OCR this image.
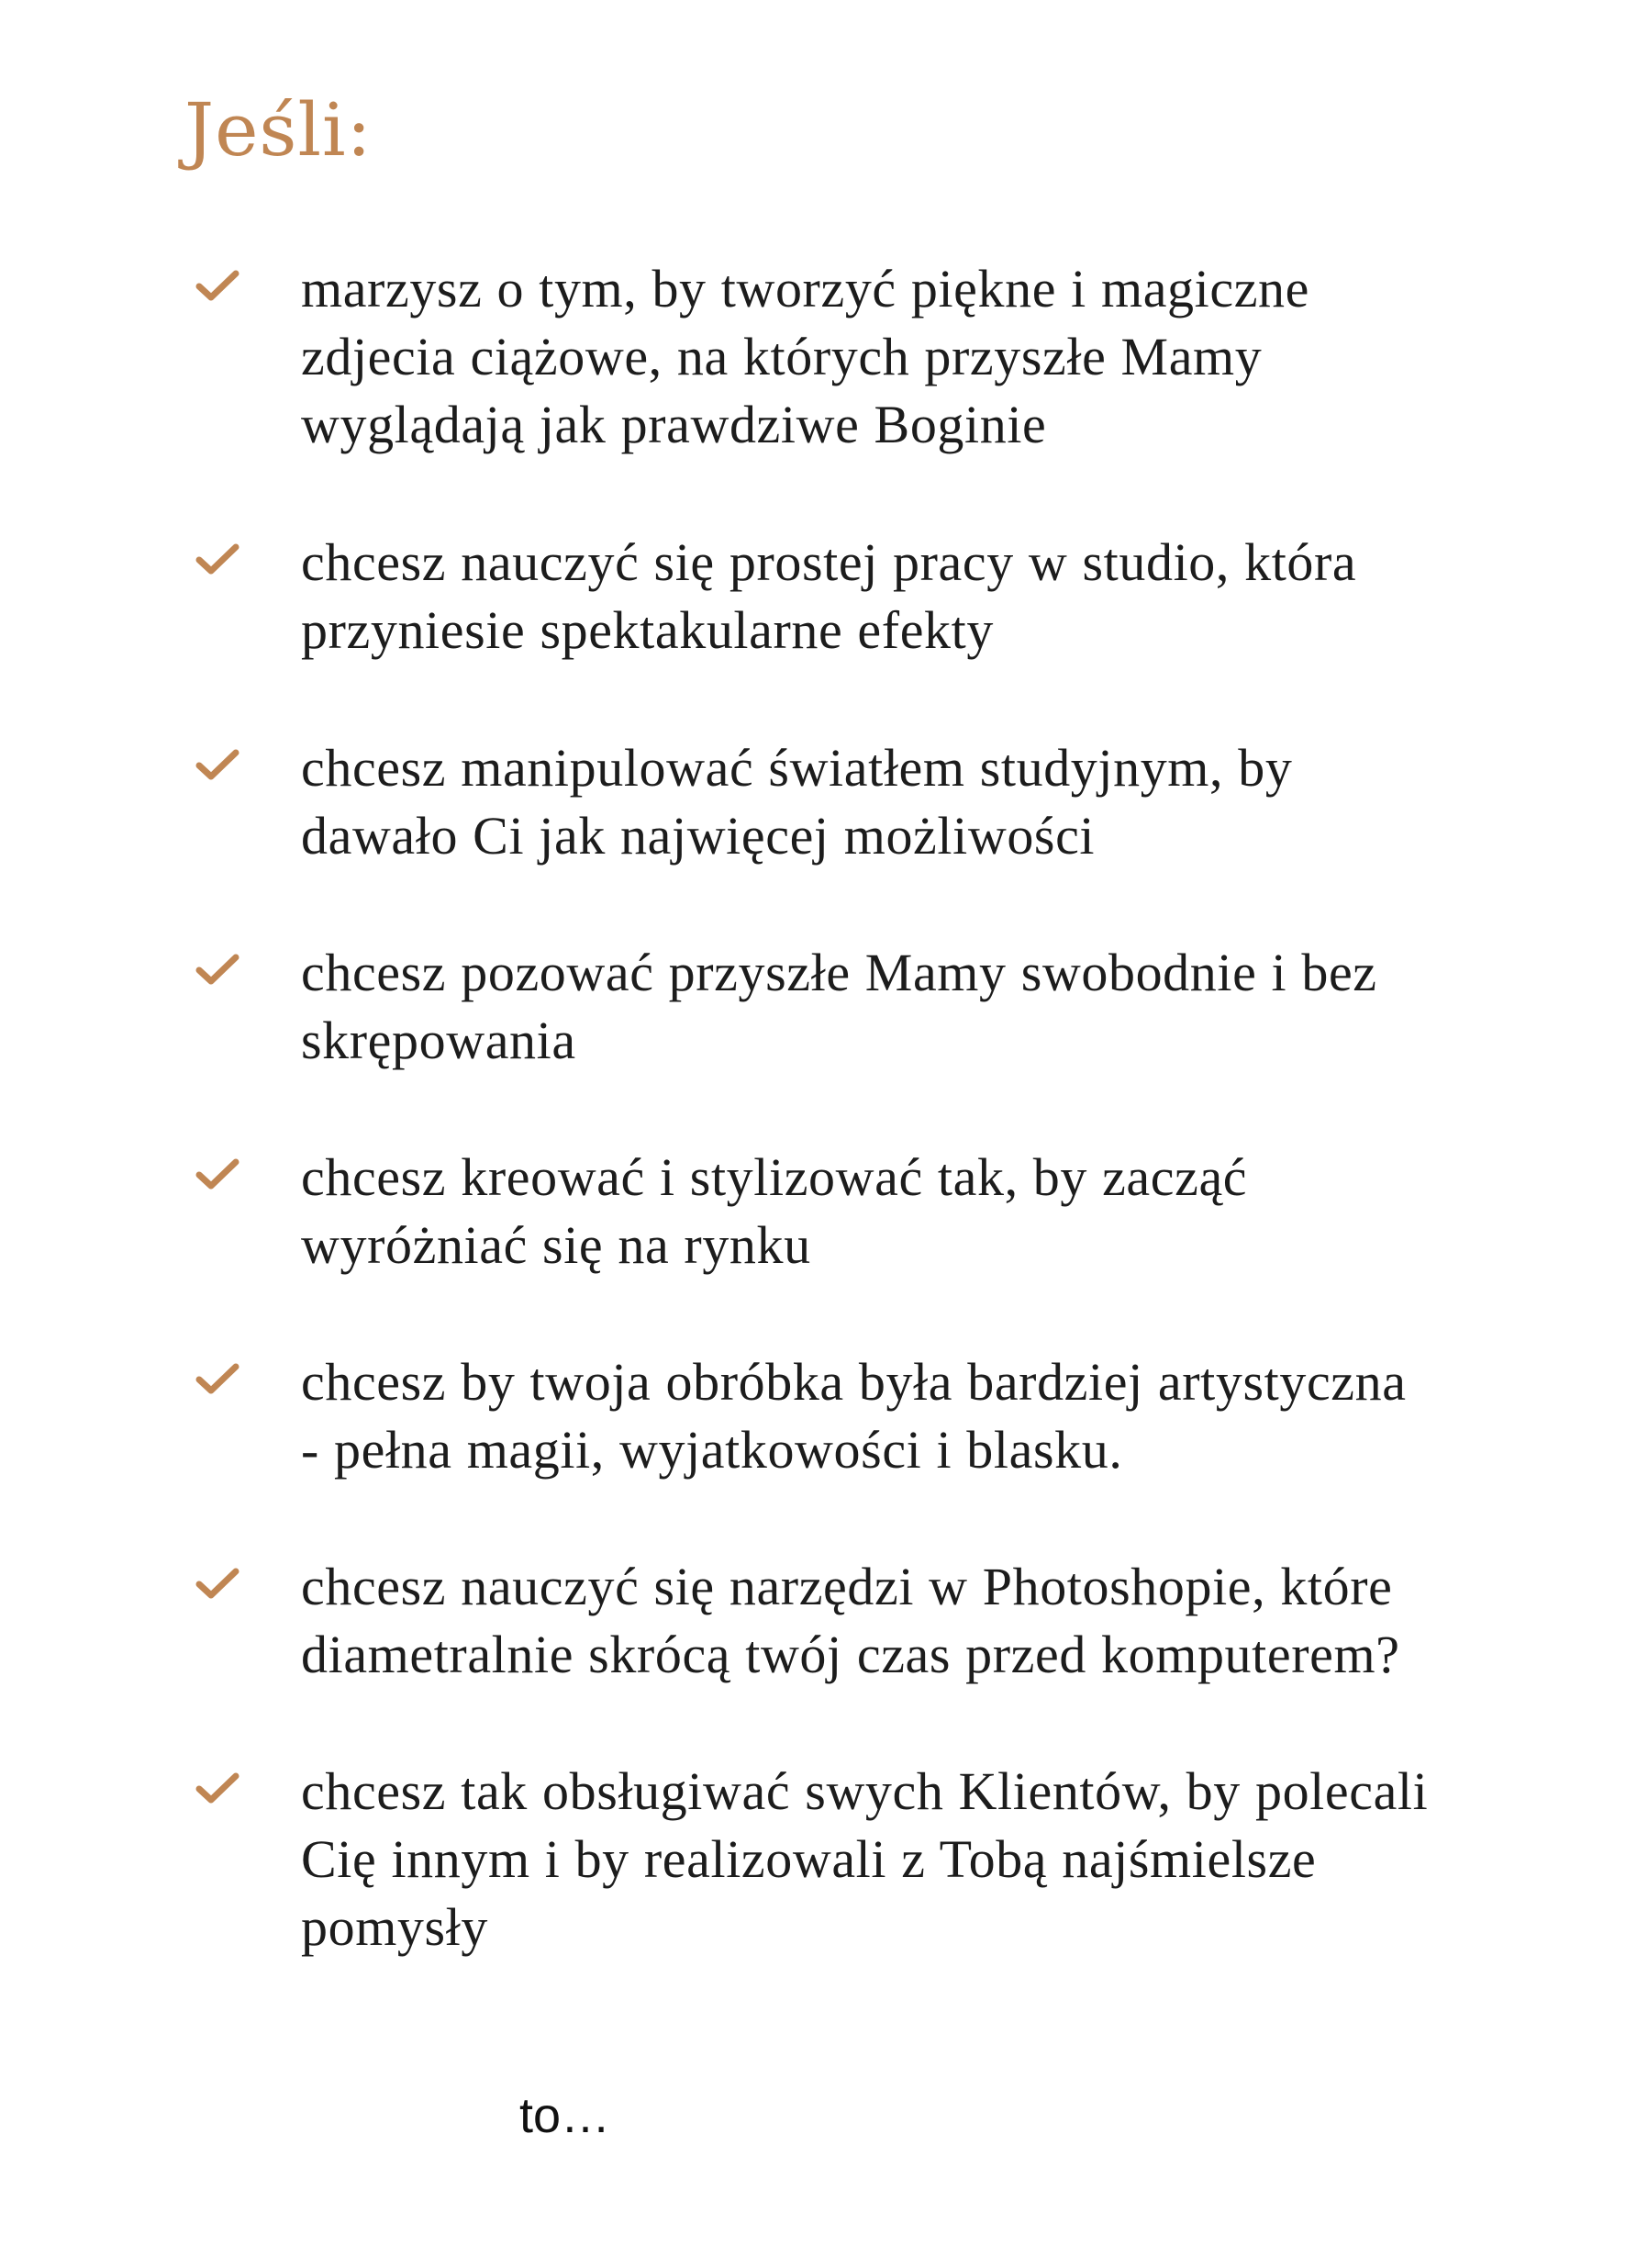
Jeśli:

marzysz o tym, by tworzyć piękne i magiczne
zdjecia ciążowe, na których przyszłe Mamy
wyglądają jak prawdziwe Boginie

chcesz nauczyć się prostej pracy w studio, która
przyniesie spektakularne efekty

chcesz manipulować światłem studyjnym, by
dawało Ci jak najwięcej możliwości

chcesz pozować przyszłe Mamy swobodnie i bez
skrępowania

chcesz kreować i stylizować tak, by zacząć
wyróżniać się na rynku

chcesz by twoja obróbka była bardziej artystyczna
- pełna magii, wyjatkowości i blasku.

chcesz nauczyć się narzędzi w Photoshopie, które
diametralnie skrócą twój czas przed komputerem?

chcesz tak obsługiwać swych Klientów, by polecali
Cię innym i by realizowali z Tobą najśmielsze
pomysły

to…
